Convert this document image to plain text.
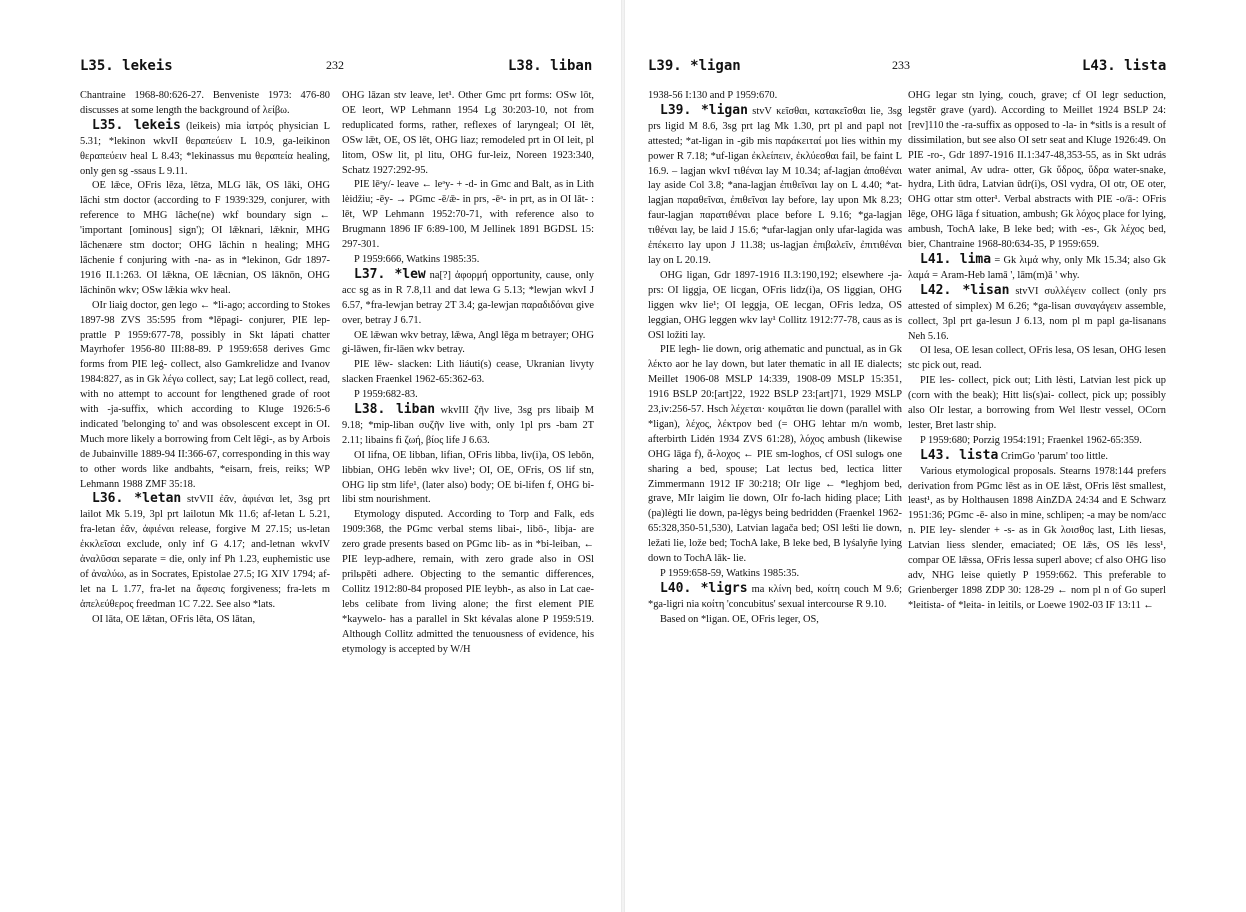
L35. lekeis	232	L38. liban

Chantraine 1968-80:626-27. Benveniste 1973: 476-80 discusses at some length the background of λείβω.

L35. lekeis (leikeis) mia ἰατρός physician L 5.31; *lekinon wkvII θεραπεύειν L 10.9, ga-leikinon θεραπεύειν heal L 8.43; *lekinassus mu θεραπεία healing, only gen sg -ssaus L 9.11.

OE lǣce, OFris lēza, lētza, MLG lāk, OS lāki, OHG lāchi stm doctor (according to F 1939:329, conjurer, with reference to MHG lâche(ne) wkf boundary sign ← 'important [ominous] sign'); OI lǣknari, lǣknir, MHG lāchenære stm doctor; OHG lāchin n healing; MHG lāchenie f conjuring with -na- as in *lekinon, Gdr 1897-1916 II.1:263. OI lǣkna, OE lǣcnian, OS lāknōn, OHG lāchinōn wkv; OSw lǣkia wkv heal.

OIr liaig doctor, gen lego ← *li-ago; according to Stokes 1897-98 ZVS 35:595 from *lēpagi- conjurer, PIE lep- prattle P 1959:677-78, possibly in Skt lápati chatter Mayrhofer 1956-80 III:88-89. P 1959:658 derives Gmc forms from PIE leǵ- collect, also Gamkrelidze and Ivanov 1984:827, as in Gk λέγω collect, say; Lat legō collect, read, with no attempt to account for lengthened grade of root with -ja-suffix, which according to Kluge 1926:5-6 indicated 'belonging to' and was obsolescent except in OI. Much more likely a borrowing from Celt lēgi-, as by Arbois de Jubainville 1889-94 II:366-67, corresponding in this way to other words like andbahts, *eisarn, freis, reiks; WP Lehmann 1988 ZMF 35:18.

L36. *letan stvVII ἐᾶν, ἀφιέναι let, 3sg prt lailot Mk 5.19, 3pl prt lailotun Mk 11.6; af-letan L 5.21, fra-letan ἐᾶν, ἀφιέναι release, forgive M 27.15; us-letan ἐκκλεῖσαι exclude, only inf G 4.17; and-letnan wkvIV ἀναλῦσαι separate = die, only inf Ph 1.23, euphemistic use of ἀναλύω, as in Socrates, Epistolae 27.5; IG XIV 1794; af-let na L 1.77, fra-let na ἄφεσις forgiveness; fra-lets m ἀπελεύθερος freedman 1C 7.22. See also *lats.

OI lāta, OE lǣtan, OFris lēta, OS lātan,

OHG lāzan stv leave, let¹. Other Gmc prt forms: OSw lōt, OE leort, WP Lehmann 1954 Lg 30:203-10, not from reduplicated forms, rather, reflexes of laryngeal; OI lēt, OSw lǣt, OE, OS lēt, OHG liaz; remodeled prt in OI leit, pl litom, OSw lit, pl litu, OHG fur-leiz, Noreen 1923:340, Schatz 1927:292-95.

PIE lēᵊy/- leave ← leᵊy- + -d- in Gmc and Balt, as in Lith lèidžiu; -ēy- → PGmc -ē/ǣ- in prs, -ēᵊ- in prt, as in OI lāt- : lēt, WP Lehmann 1952:70-71, with reference also to Brugmann 1896 IF 6:89-100, M Jellinek 1891 BGDSL 15: 297-301.

P 1959:666, Watkins 1985:35.

L37. *lew na[?] ἀφορμή opportunity, cause, only acc sg as in R 7.8,11 and dat lewa G 5.13; *lewjan wkvI J 6.57, *fra-lewjan betray 2T 3.4; ga-lewjan παραδιδόναι give over, betray J 6.71.

OE lǣwan wkv betray, lǣwa, Angl lēga m betrayer; OHG gi-lāwen, fir-lāen wkv betray.

PIE lēw- slacken: Lith liáuti(s) cease, Ukranian livyty slacken Fraenkel 1962-65:362-63.

P 1959:682-83.

L38. liban wkvIII ζῆν live, 3sg prs libaiþ M 9.18; *mip-liban συζῆν live with, only 1pl prs -bam 2T 2.11; libains fi ζωή, βίος life J 6.63.

OI lifna, OE libban, lifian, OFris libba, liv(i)a, OS lebōn, libbian, OHG lebēn wkv live¹; OI, OE, OFris, OS lif stn, OHG lip stm life¹, (later also) body; OE bi-lifen f, OHG bi-libi stm nourishment.

Etymology disputed. According to Torp and Falk, eds 1909:368, the PGmc verbal stems libai-, libō-, libja- are zero grade presents based on PGmc lib- as in *bi-leiban, ← PIE leyp-adhere, remain, with zero grade also in OSl prilьpěti adhere. Objecting to the semantic differences, Collitz 1912:80-84 proposed PIE leybh-, as also in Lat cae-lebs celibate from living alone; the first element PIE *kaywelo- has a parallel in Skt kévalas alone P 1959:519. Although Collitz admitted the tenuousness of evidence, his etymology is accepted by W/H

L39. *ligan	233	L43. lista

1938-56 I:130 and P 1959:670.

L39. *ligan stvV κεῖσθαι, κατακεῖσθαι lie, 3sg prs ligid M 8.6, 3sg prt lag Mk 1.30, prt pl and papl not attested; *at-ligan in -gib mis παράκειταί μοι lies within my power R 7.18; *uf-ligan ἐκλείπειν, ἐκλύεσθαι fail, be faint L 16.9. – lagjan wkvI τιθέναι lay M 10.34; af-lagjan ἀποθέναι lay aside Col 3.8; *ana-lagjan ἐπιθεῖναι lay on L 4.40; *at-lagjan παραθεῖναι, ἐπιθεῖναι lay before, lay upon Mk 8.23; faur-lagjan παρατιθέναι place before L 9.16; *ga-lagjan τιθέναι lay, be laid J 15.6; *ufar-lagjan only ufar-lagida was ἐπέκειτο lay upon J 11.38; us-lagjan ἐπιβαλεῖν, ἐπιτιθέναι lay on L 20.19.

OHG ligan, Gdr 1897-1916 II.3:190,192; elsewhere -ja-prs: OI liggja, OE licgan, OFris lidz(i)a, OS liggian, OHG liggen wkv lie¹; OI leggja, OE lecgan, OFris ledza, OS leggian, OHG leggen wkv lay¹ Collitz 1912:77-78, caus as is OSl ložiti lay.

PIE legh- lie down, orig athematic and punctual, as in Gk λέκτο aor he lay down, but later thematic in all IE dialects; Meillet 1906-08 MSLP 14:339, 1908-09 MSLP 15:351, 1916 BSLP 20:[art]22, 1922 BSLP 23:[art]71, 1929 MSLP 23,iv:256-57. Hsch λέχεται· κοιμᾶται lie down (parallel with *ligan), λέχος, λέκτρον bed (= OHG lehtar m/n womb, afterbirth Lidén 1934 ZVS 61:28), λόχος ambush (likewise OHG lāga f), ἄ-λοχος ← PIE sm-loghos, cf OSl sulogъ one sharing a bed, spouse; Lat lectus bed, lectica litter Zimmermann 1912 IF 30:218; OIr lige ← *leghjom bed, grave, MIr laigim lie down, OIr fo-lach hiding place; Lith (pa)lėgti lie down, pa-lėgys being bedridden (Fraenkel 1962-65:328,350-51,530), Latvian lagača bed; OSl lešti lie down, ležati lie, lože bed; TochA lake, B leke bed, B lyśalyñe lying down to TochA lāk- lie.

P 1959:658-59, Watkins 1985:35.

L40. *ligrs ma κλίνη bed, κοίτη couch M 9.6; *ga-ligri nia κοίτη 'concubitus' sexual intercourse R 9.10.

Based on *ligan. OE, OFris leger, OS,

OHG legar stn lying, couch, grave; cf OI legr seduction, legstēr grave (yard). According to Meillet 1924 BSLP 24:[rev]110 the -ra-suffix as opposed to -la- in *sitls is a result of dissimilation, but see also OI setr seat and Kluge 1926:49. On PIE -ro-, Gdr 1897-1916 II.1:347-48,353-55, as in Skt udrás water animal, Av udra- otter, Gk ὕδρος, ὕδρα water-snake, hydra, Lith ūdra, Latvian ūdr(i)s, OSl vydra, OI otr, OE oter, OHG ottar stm otter¹. Verbal abstracts with PIE -o/ā-: OFris lēge, OHG lāga f situation, ambush; Gk λόχος place for lying, ambush, TochA lake, B leke bed; with -es-, Gk λέχος bed, bier, Chantraine 1968-80:634-35, P 1959:659.

L41. lima = Gk λιμά why, only Mk 15.34; also Gk λαμά = Aram-Heb lamā ', lām(m)ā ' why.

L42. *lisan stvVI συλλέγειν collect (only prs attested of simplex) M 6.26; *ga-lisan συναγάγειν assemble, collect, 3pl prt ga-lesun J 6.13, nom pl m papl ga-lisanans Neh 5.16.

OI lesa, OE lesan collect, OFris lesa, OS lesan, OHG lesen stc pick out, read.

PIE les- collect, pick out; Lith lèsti, Latvian lest pick up (corn with the beak); Hitt lis(s)ai- collect, pick up; possibly also OIr lestar, a borrowing from Wel llestr vessel, OCorn lester, Bret lastr ship.

P 1959:680; Porzig 1954:191; Fraenkel 1962-65:359.

L43. lista CrimGo 'parum' too little.

Various etymological proposals. Stearns 1978:144 prefers derivation from PGmc lēst as in OE lǣst, OFris lēst smallest, least¹, as by Holthausen 1898 AinZDA 24:34 and E Schwarz 1951:36; PGmc -ē- also in mine, schlipen; -a may be nom/acc n. PIE ley- slender + -s- as in Gk λοισθος last, Lith liesas, Latvian liess slender, emaciated; OE lǣs, OS lēs less¹, compar OE lǣssa, OFris lessa superl above; cf also OHG liso adv, NHG leise quietly P 1959:662. This preferable to Grienberger 1898 ZDP 30: 128-29 ← nom pl n of Go superl *leitista- of *leita- in leitils, or Loewe 1902-03 IF 13:11 ←
